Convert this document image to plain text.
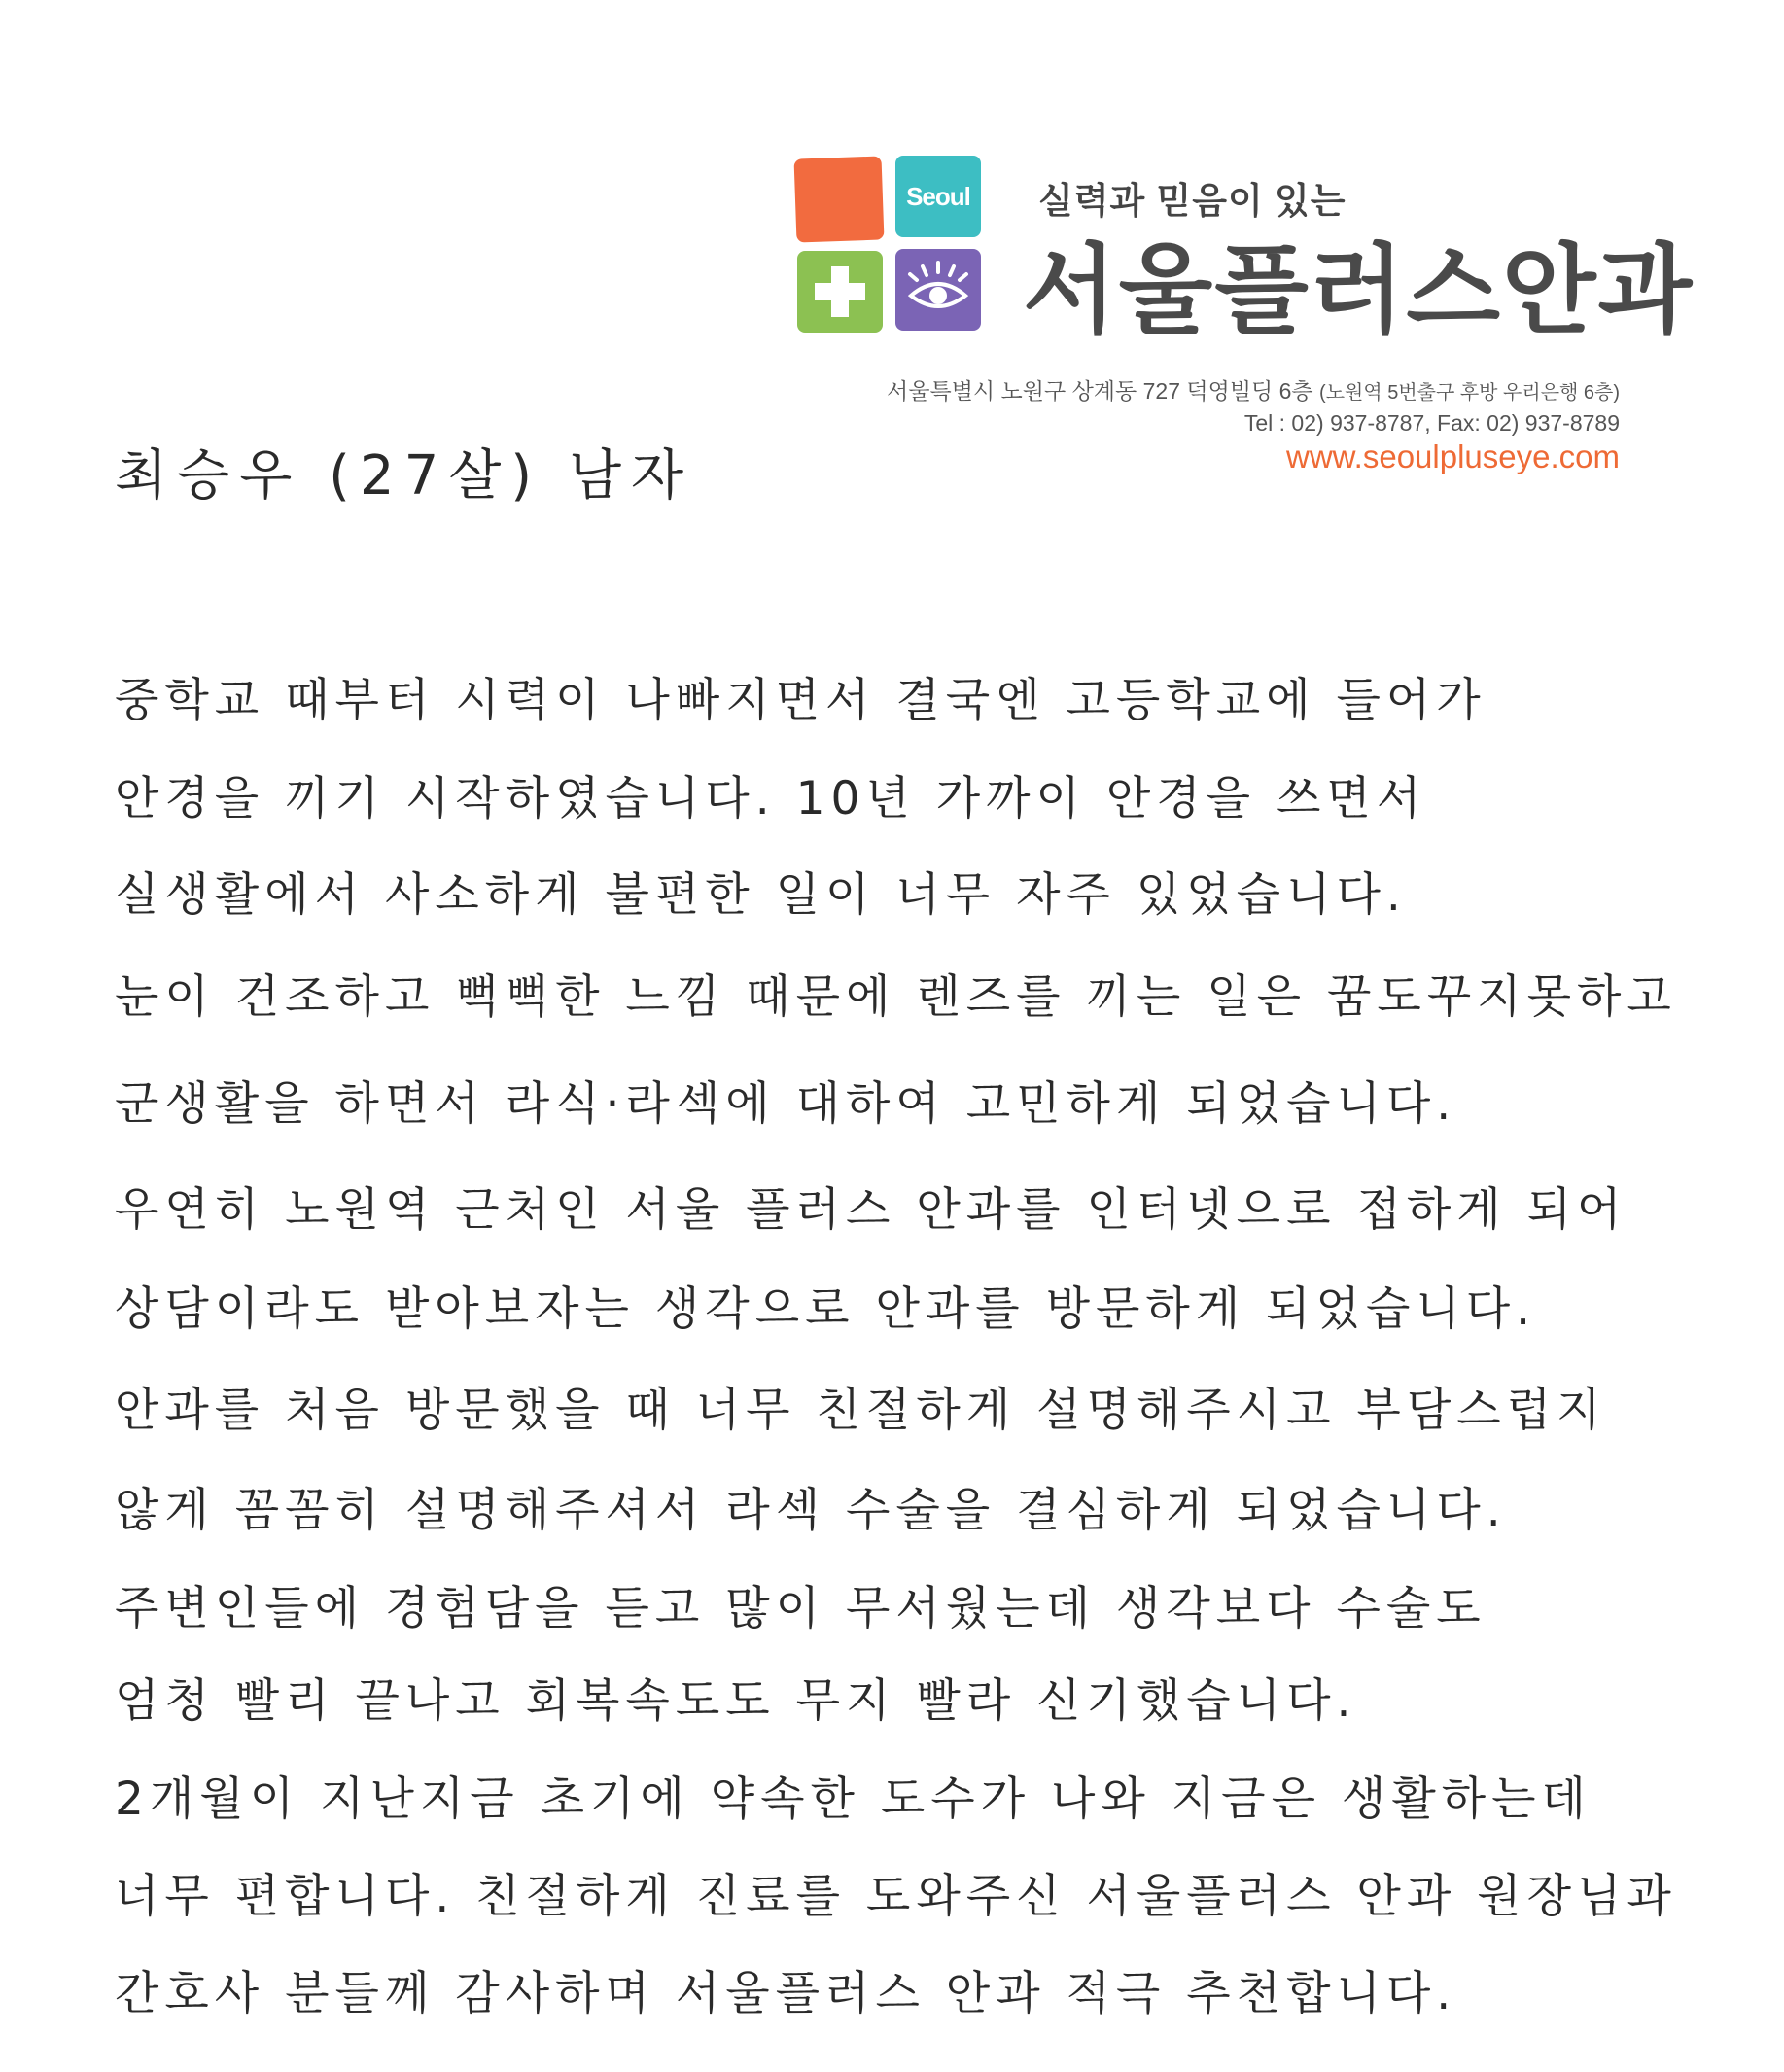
Seoul 실력과 믿음이 있는
서울플러스안과
서울특별시 노원구 상계동 727 덕영빌딩 6층 (노원역 5번출구 후방 우리은행 6층)
Tel : 02) 937-8787, Fax: 02) 937-8789
www.seoulpluseye.com
최승우 (27살) 남자
중학교 때부터 시력이 나빠지면서 결국엔 고등학교에 들어가
안경을 끼기 시작하였습니다. 10년 가까이 안경을 쓰면서
실생활에서 사소하게 불편한 일이 너무 자주 있었습니다.
눈이 건조하고 뻑뻑한 느낌 때문에 렌즈를 끼는 일은 꿈도꾸지못하고
군생활을 하면서 라식·라섹에 대하여 고민하게 되었습니다.
우연히 노원역 근처인 서울 플러스 안과를 인터넷으로 접하게 되어
상담이라도 받아보자는 생각으로 안과를 방문하게 되었습니다.
안과를 처음 방문했을 때 너무 친절하게 설명해주시고 부담스럽지
않게 꼼꼼히 설명해주셔서 라섹 수술을 결심하게 되었습니다.
주변인들에 경험담을 듣고 많이 무서웠는데 생각보다 수술도
엄청 빨리 끝나고 회복속도도 무지 빨라 신기했습니다.
2개월이 지난지금 초기에 약속한 도수가 나와 지금은 생활하는데
너무 편합니다. 친절하게 진료를 도와주신 서울플러스 안과 원장님과
간호사 분들께 감사하며 서울플러스 안과 적극 추천합니다.
